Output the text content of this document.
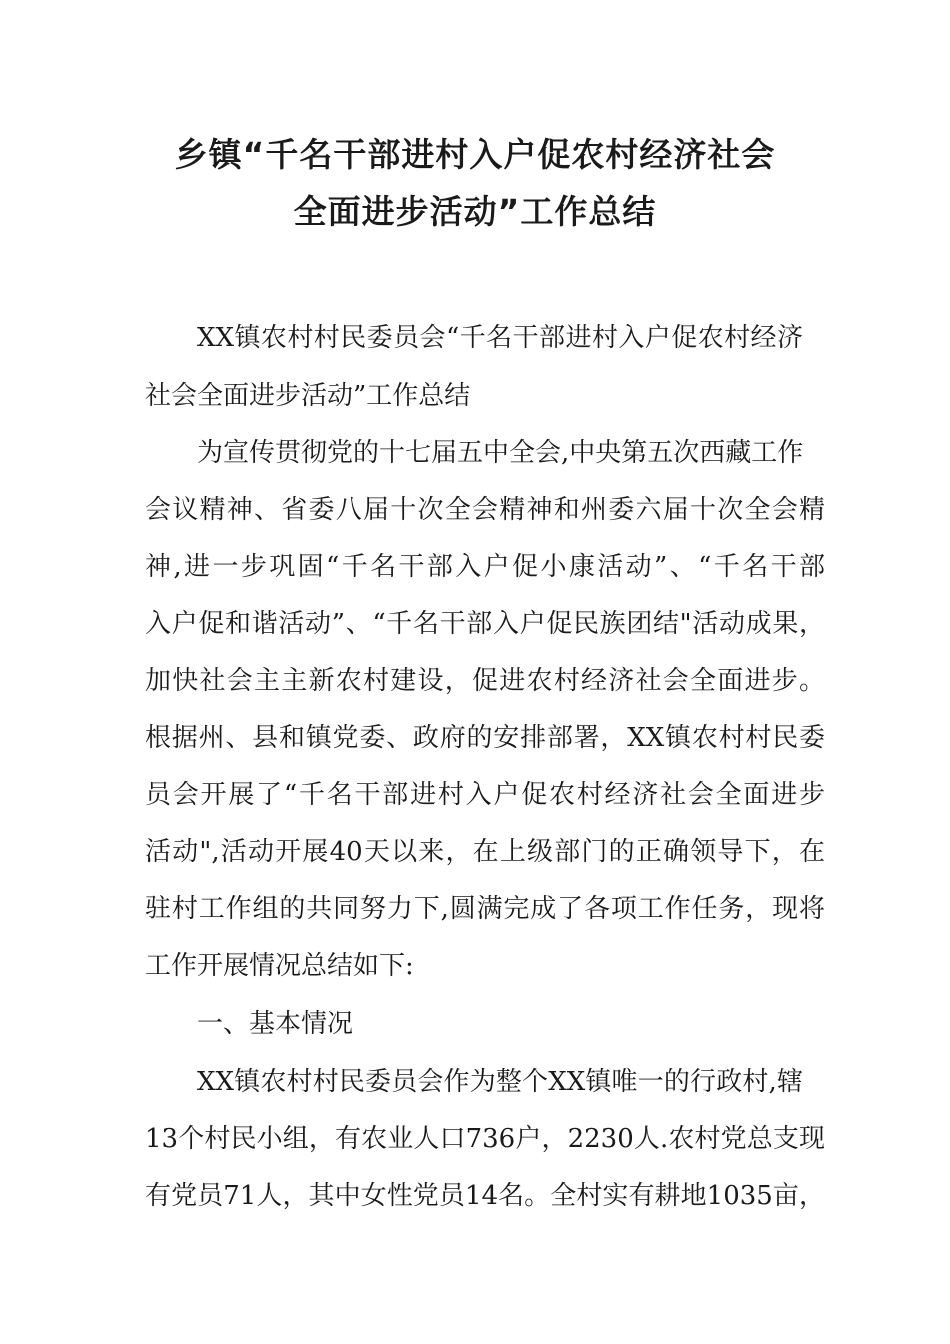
乡镇“千名干部进村入户促农村经济社会
全面进步活动”工作总结
XX镇农村村民委员会“千名干部进村入户促农村经济
社会全面进步活动”工作总结
为宣传贯彻党的十七届五中全会,中央第五次西藏工作
会议精神、省委八届十次全会精神和州委六届十次全会精
神,进一步巩固“千名干部入户促小康活动”、“千名干部
入户促和谐活动”、“千名干部入户促民族团结"活动成果，
加快社会主主新农村建设，促进农村经济社会全面进步。
根据州、县和镇党委、政府的安排部署，XX镇农村村民委
员会开展了“千名干部进村入户促农村经济社会全面进步
活动",活动开展40天以来，在上级部门的正确领导下，在
驻村工作组的共同努力下,圆满完成了各项工作任务，现将
工作开展情况总结如下:
一、基本情况
XX镇农村村民委员会作为整个XX镇唯一的行政村,辖
13个村民小组，有农业人口736户，2230人.农村党总支现
有党员71人，其中女性党员14名。全村实有耕地1035亩，
